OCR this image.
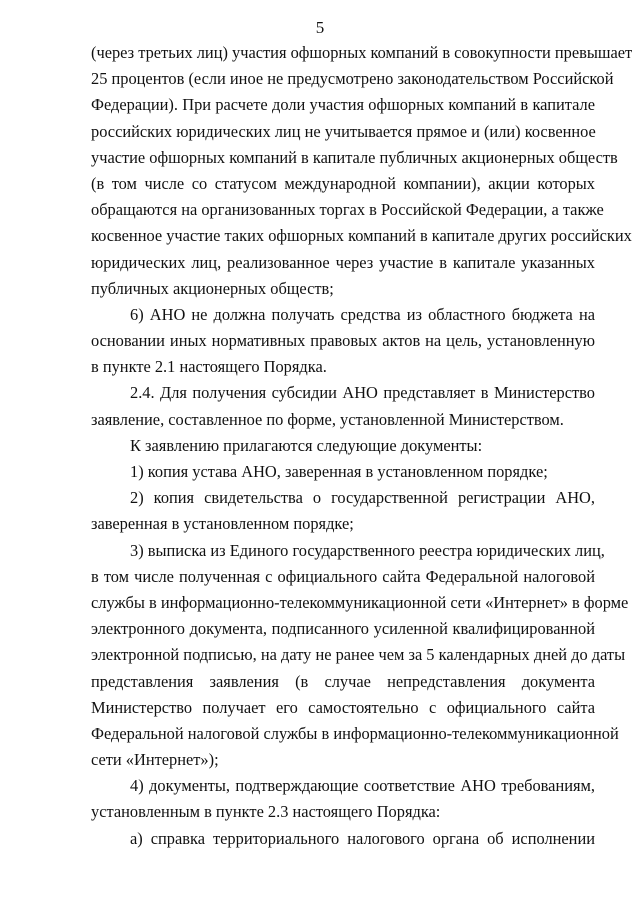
5
(через третьих лиц) участия офшорных компаний в совокупности превышает
25 процентов (если иное не предусмотрено законодательством Российской
Федерации). При расчете доли участия офшорных компаний в капитале
российских юридических лиц не учитывается прямое и (или) косвенное
участие офшорных компаний в капитале публичных акционерных обществ
(в том числе со статусом международной компании), акции которых
обращаются на организованных торгах в Российской Федерации, а также
косвенное участие таких офшорных компаний в капитале других российских
юридических лиц, реализованное через участие в капитале указанных
публичных акционерных обществ;
6) АНО не должна получать средства из областного бюджета на
основании иных нормативных правовых актов на цель, установленную
в пункте 2.1 настоящего Порядка.
2.4. Для получения субсидии АНО представляет в Министерство
заявление, составленное по форме, установленной Министерством.
К заявлению прилагаются следующие документы:
1) копия устава АНО, заверенная в установленном порядке;
2) копия свидетельства о государственной регистрации АНО,
заверенная в установленном порядке;
3) выписка из Единого государственного реестра юридических лиц,
в том числе полученная с официального сайта Федеральной налоговой
службы в информационно-телекоммуникационной сети «Интернет» в форме
электронного документа, подписанного усиленной квалифицированной
электронной подписью, на дату не ранее чем за 5 календарных дней до даты
представления заявления (в случае непредставления документа
Министерство получает его самостоятельно с официального сайта
Федеральной налоговой службы в информационно-телекоммуникационной
сети «Интернет»);
4) документы, подтверждающие соответствие АНО требованиям,
установленным в пункте 2.3 настоящего Порядка:
а) справка территориального налогового органа об исполнении
